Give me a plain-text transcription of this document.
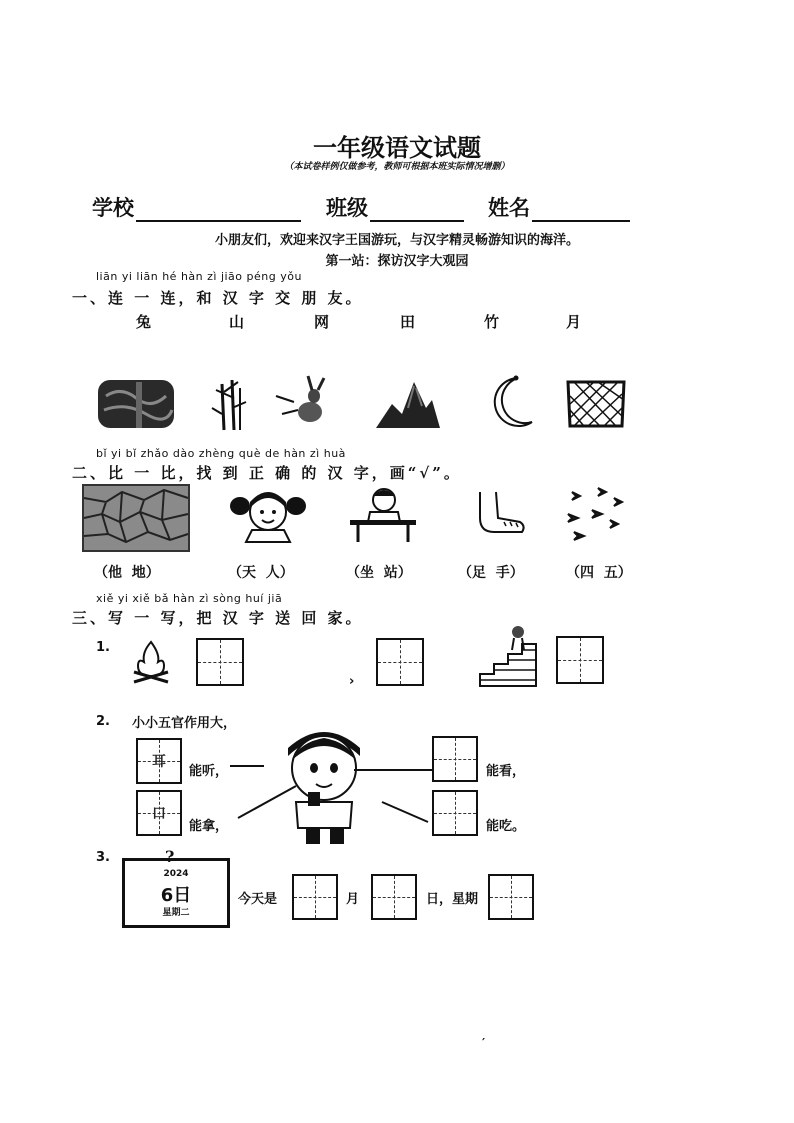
一年级语文试题
（本试卷样例仅做参考，教师可根据本班实际情况增删）
学校	班级	姓名
小朋友们，欢迎来汉字王国游玩，与汉字精灵畅游知识的海洋。
第一站：探访汉字大观园
liān yi liān hé hàn zì jiāo péng yǒu
一、连 一 连，和 汉 字 交 朋 友。
兔	山	网	田	竹	月
bǐ yi bǐ zhǎo dào zhèng què de hàn zì huà
二、比 一 比，找 到 正 确 的 汉 字，画“√”。
（他  地）	（天  人）	（坐  站）	（足  手）	（四  五）
xiě yi xiě bǎ hàn zì sòng huí jiā
三、写 一 写，把 汉 字 送 回 家。
1.
›
2. 小小五官作用大，
耳
能听，	能看，
口
能拿，	能吃。
3.	?
2024
6日
星期二
今天是	月	日，星期
′
